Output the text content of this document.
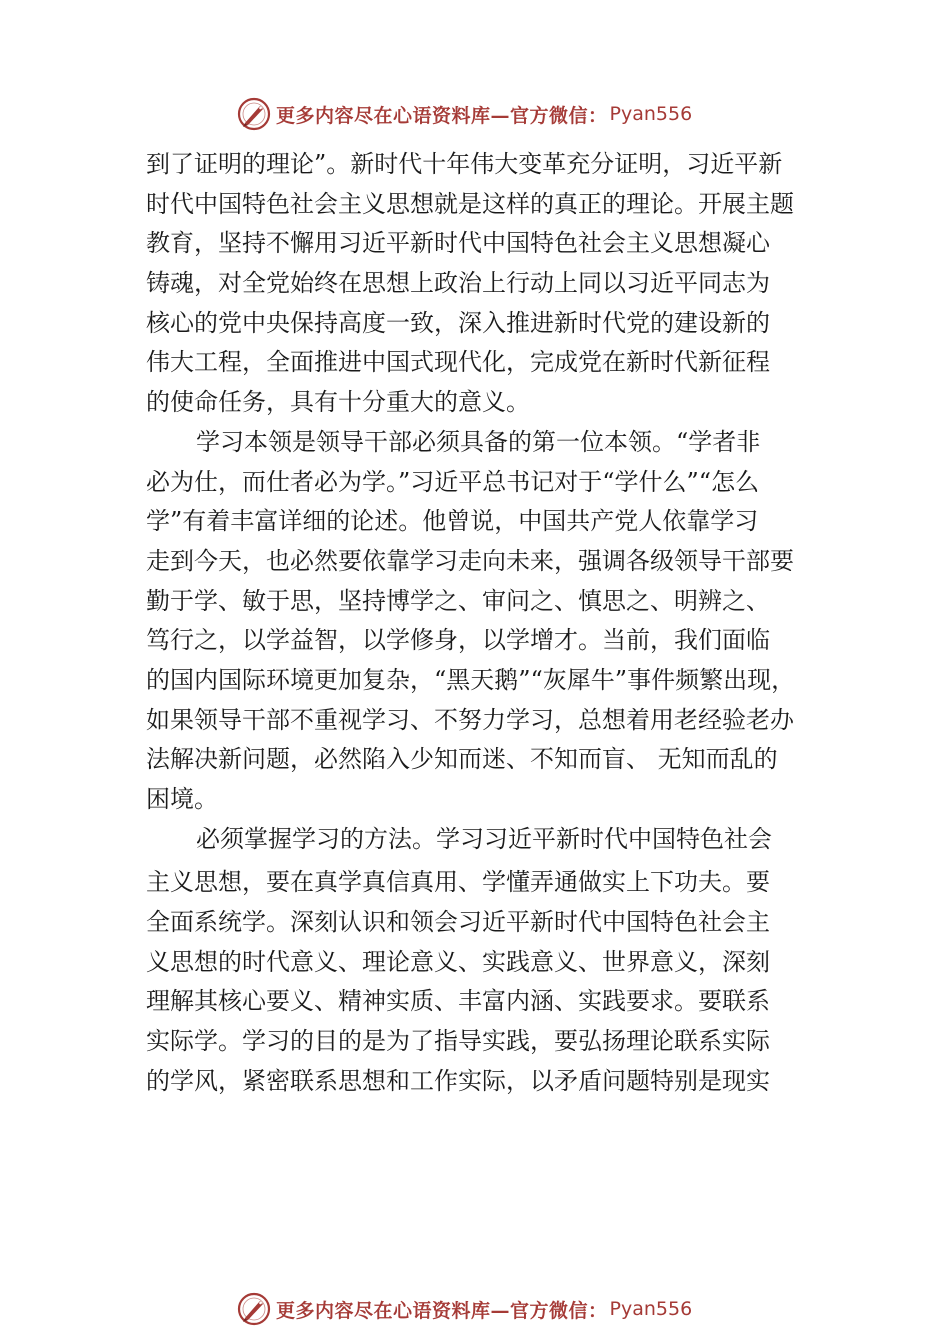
更多内容尽在心语资料库—官方微信： Pyan556
到了证明的理论”。新时代十年伟大变革充分证明，习近平新
时代中国特色社会主义思想就是这样的真正的理论。开展主题
教育，坚持不懈用习近平新时代中国特色社会主义思想凝心
铸魂，对全党始终在思想上政治上行动上同以习近平同志为
核心的党中央保持高度一致，深入推进新时代党的建设新的
伟大工程，全面推进中国式现代化，完成党在新时代新征程
的使命任务，具有十分重大的意义。
学习本领是领导干部必须具备的第一位本领。“学者非
必为仕，而仕者必为学。”习近平总书记对于“学什么”“怎么
学”有着丰富详细的论述。他曾说，中国共产党人依靠学习
走到今天，也必然要依靠学习走向未来，强调各级领导干部要
勤于学、敏于思，坚持博学之、审问之、慎思之、明辨之、
笃行之，以学益智，以学修身，以学增才。当前，我们面临
的国内国际环境更加复杂，“黑天鹅”“灰犀牛”事件频繁出现，
如果领导干部不重视学习、不努力学习，总想着用老经验老办
法解决新问题，必然陷入少知而迷、不知而盲、 无知而乱的
困境。
必须掌握学习的方法。学习习近平新时代中国特色社会
主义思想，要在真学真信真用、学懂弄通做实上下功夫。要
全面系统学。深刻认识和领会习近平新时代中国特色社会主
义思想的时代意义、理论意义、实践意义、世界意义，深刻
理解其核心要义、精神实质、丰富内涵、实践要求。要联系
实际学。学习的目的是为了指导实践，要弘扬理论联系实际
的学风，紧密联系思想和工作实际，以矛盾问题特别是现实
更多内容尽在心语资料库—官方微信： Pyan556
